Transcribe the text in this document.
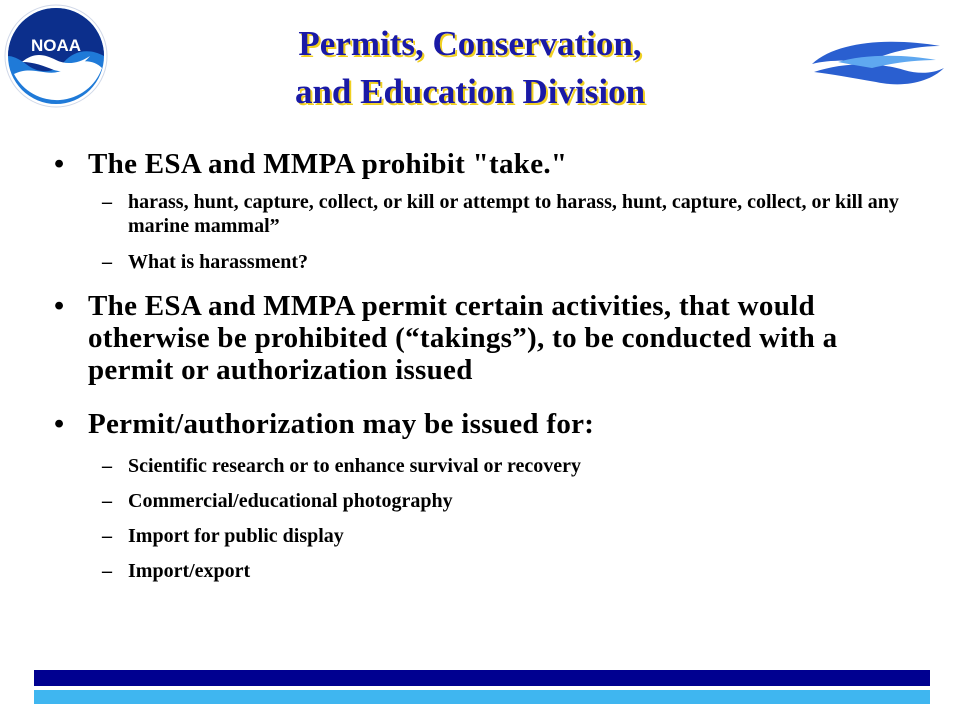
NOAA	Permits, Conservation,
and Education Division
• The ESA and MMPA prohibit "take."
– harass, hunt, capture, collect, or kill or attempt to harass, hunt, capture, collect, or kill any marine mammal”
– What is harassment?
• The ESA and MMPA permit certain activities, that would otherwise be prohibited (“takings”), to be conducted with a permit or authorization issued
• Permit/authorization may be issued for:
– Scientific research or to enhance survival or recovery
– Commercial/educational photography
– Import for public display
– Import/export
